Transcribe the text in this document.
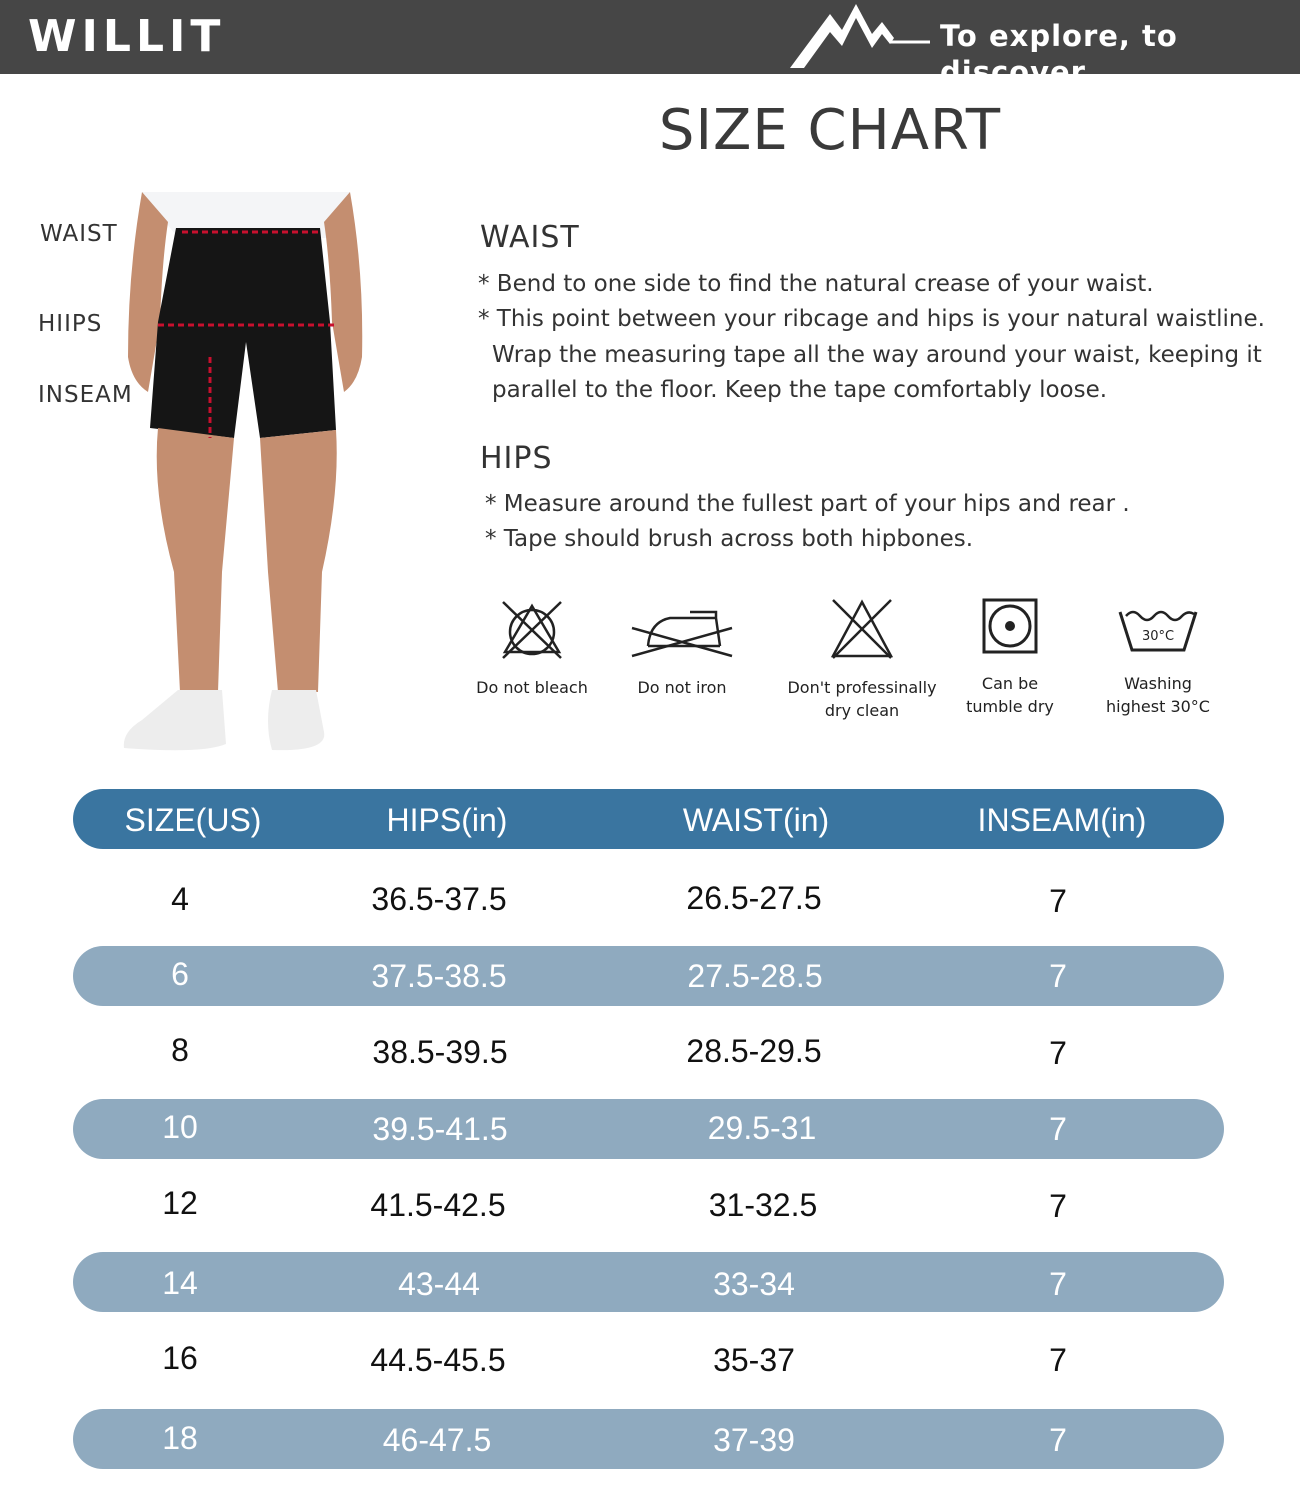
WILLIT	To explore, to discover
SIZE CHART
WAIST
HIIPS
INSEAM
WAIST
* Bend to one side to find the natural crease of your waist.
* This point between your ribcage and hips is your natural waistline.
Wrap the measuring tape all the way around your waist, keeping it
parallel to the floor. Keep the tape comfortably loose.
HIPS
* Measure around the fullest part of your hips and rear .
* Tape should brush across both hipbones.
Do not bleach	Do not iron	Don't professinally
dry clean
Can be
tumble dry
30°C
Washing
highest 30°C
SIZE(US)	HIPS(in)	WAIST(in)	INSEAM(in)
4	36.5-37.5	26.5-27.5	7
6	37.5-38.5	27.5-28.5	7
8	38.5-39.5	28.5-29.5	7
10	39.5-41.5	29.5-31	7
12	41.5-42.5	31-32.5	7
14	43-44	33-34	7
16	44.5-45.5	35-37	7
18	46-47.5	37-39	7
